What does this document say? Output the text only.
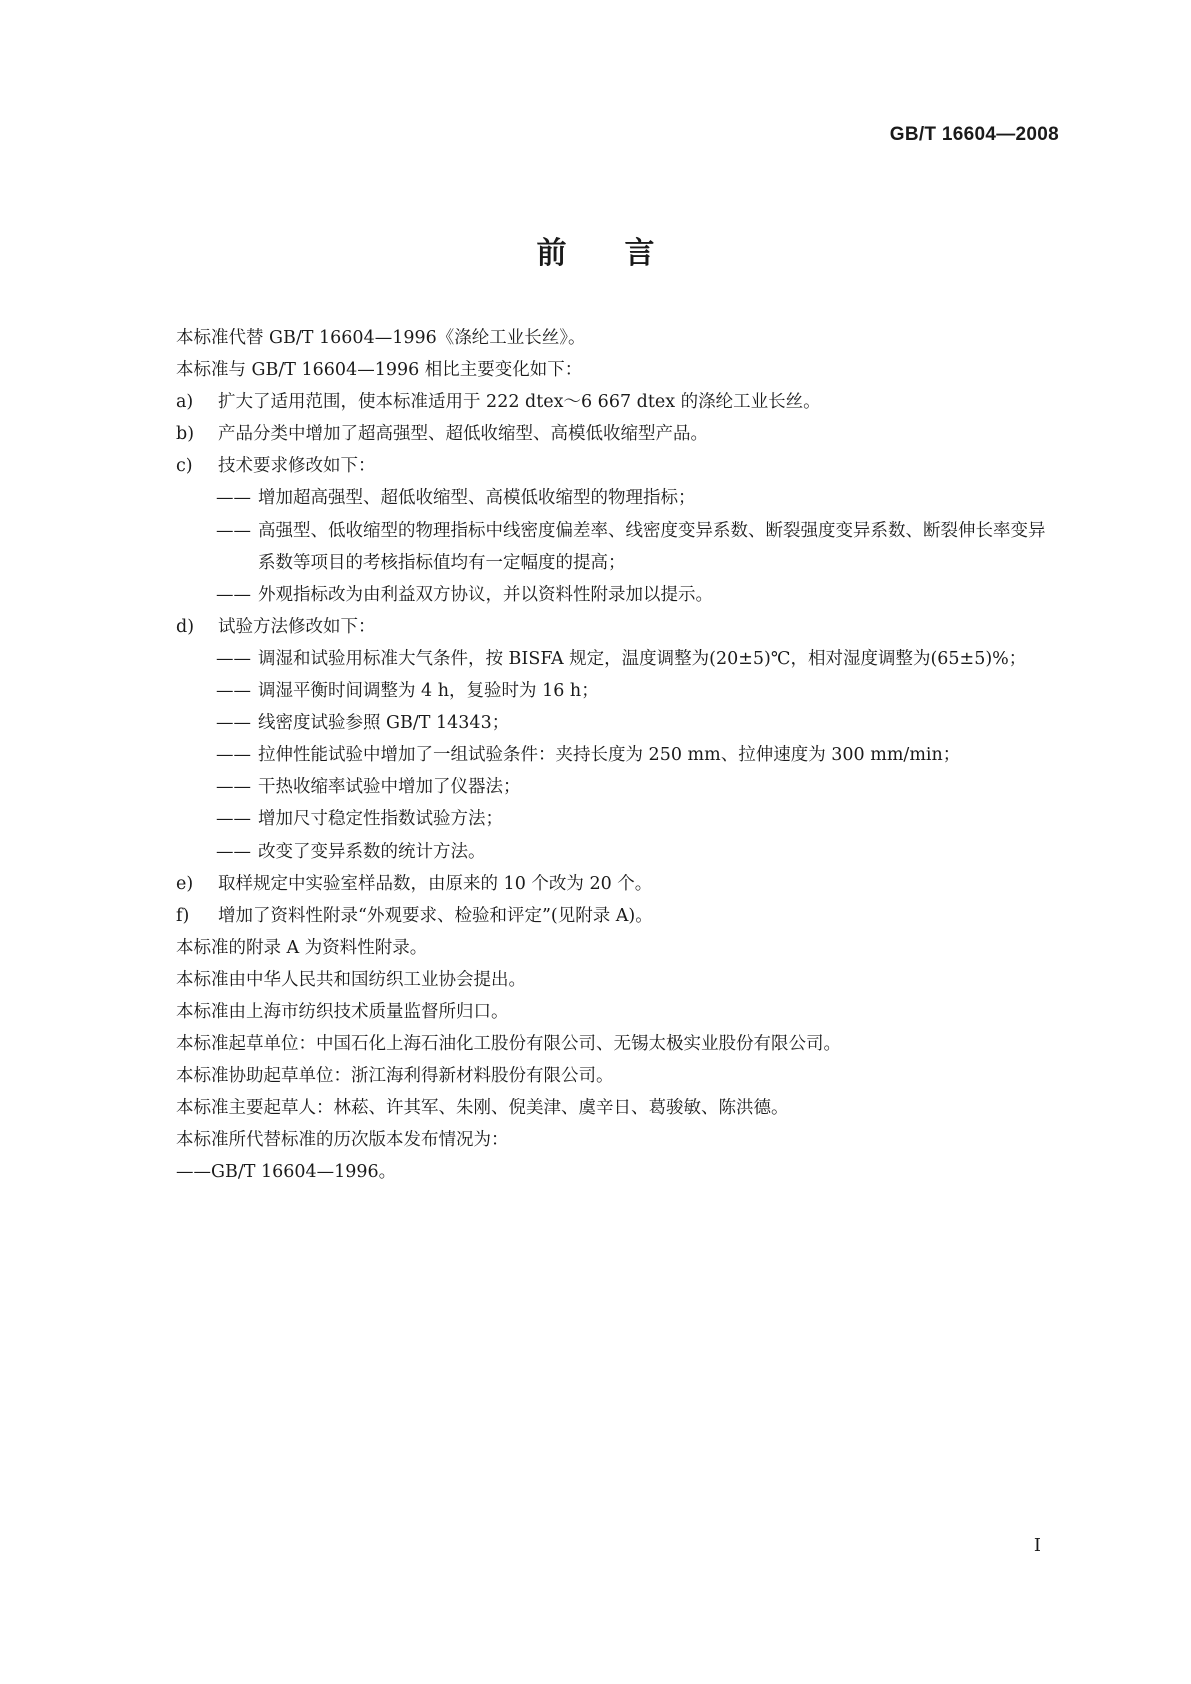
GB/T 16604—2008
前言
本标准代替 GB/T 16604—1996《涤纶工业长丝》。
本标准与 GB/T 16604—1996 相比主要变化如下：
a)	扩大了适用范围，使本标准适用于 222 dtex～6 667 dtex 的涤纶工业长丝。
b)	产品分类中增加了超高强型、超低收缩型、高模低收缩型产品。
c)	技术要求修改如下：
—— 增加超高强型、超低收缩型、高模低收缩型的物理指标；
—— 高强型、低收缩型的物理指标中线密度偏差率、线密度变异系数、断裂强度变异系数、断裂伸长率变异系数等项目的考核指标值均有一定幅度的提高；
—— 外观指标改为由利益双方协议，并以资料性附录加以提示。
d)	试验方法修改如下：
—— 调湿和试验用标准大气条件，按 BISFA 规定，温度调整为(20±5)℃，相对湿度调整为(65±5)%；
—— 调湿平衡时间调整为 4 h，复验时为 16 h；
—— 线密度试验参照 GB/T 14343；
—— 拉伸性能试验中增加了一组试验条件：夹持长度为 250 mm、拉伸速度为 300 mm/min；
—— 干热收缩率试验中增加了仪器法；
—— 增加尺寸稳定性指数试验方法；
—— 改变了变异系数的统计方法。
e)	取样规定中实验室样品数，由原来的 10 个改为 20 个。
f)	增加了资料性附录“外观要求、检验和评定”(见附录 A)。
本标准的附录 A 为资料性附录。
本标准由中华人民共和国纺织工业协会提出。
本标准由上海市纺织技术质量监督所归口。
本标准起草单位：中国石化上海石油化工股份有限公司、无锡太极实业股份有限公司。
本标准协助起草单位：浙江海利得新材料股份有限公司。
本标准主要起草人：林菘、许其军、朱刚、倪美津、虞辛日、葛骏敏、陈洪德。
本标准所代替标准的历次版本发布情况为：
——GB/T 16604—1996。
I
